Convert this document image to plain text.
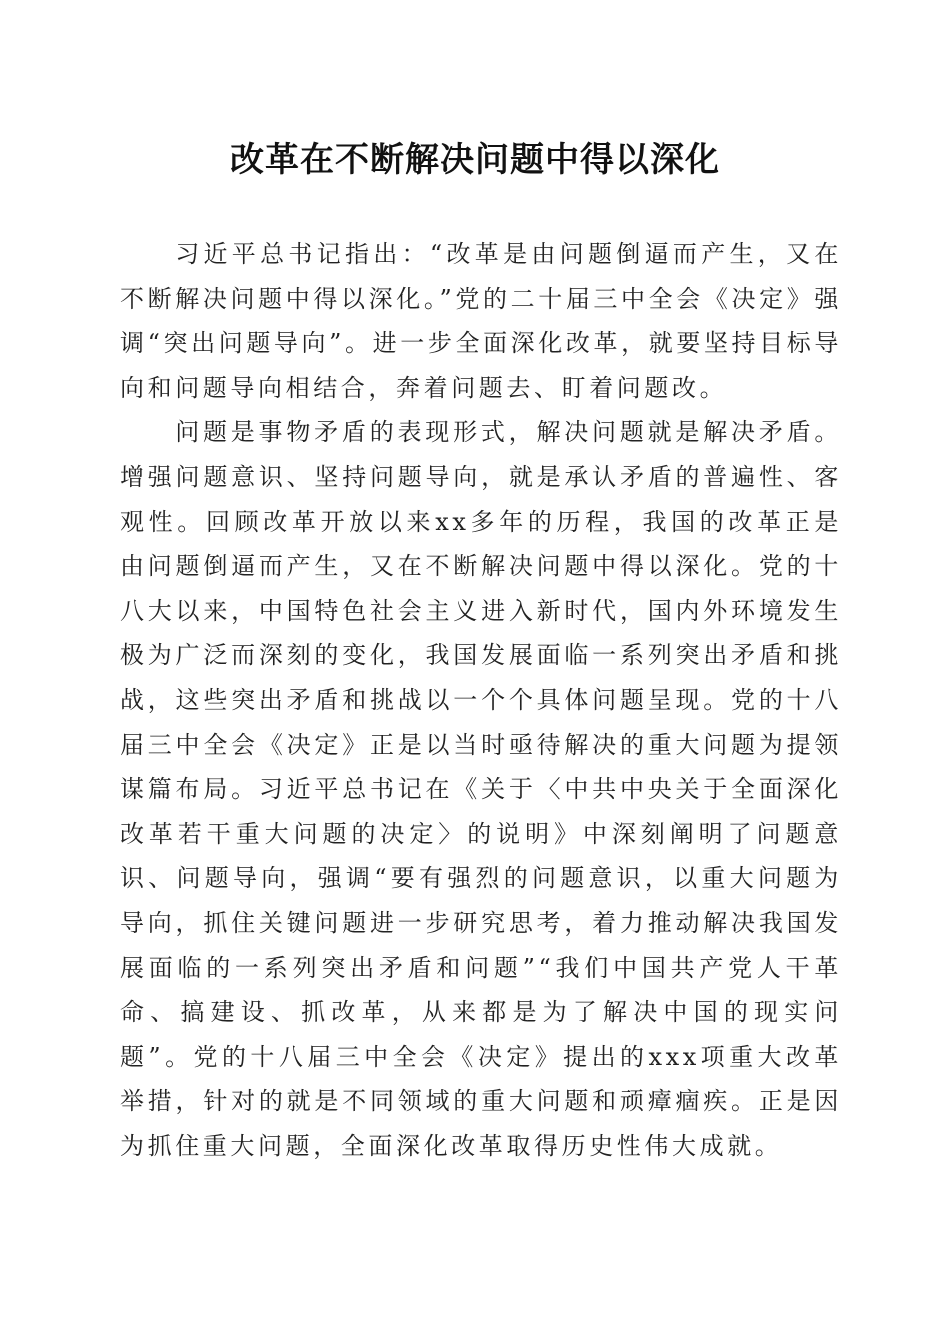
改革在不断解决问题中得以深化

习近平总书记指出：“改革是由问题倒逼而产生，又在不断解决问题中得以深化。”党的二十届三中全会《决定》强调“突出问题导向”。进一步全面深化改革，就要坚持目标导向和问题导向相结合，奔着问题去、盯着问题改。

问题是事物矛盾的表现形式，解决问题就是解决矛盾。增强问题意识、坚持问题导向，就是承认矛盾的普遍性、客观性。回顾改革开放以来xx多年的历程，我国的改革正是由问题倒逼而产生，又在不断解决问题中得以深化。党的十八大以来，中国特色社会主义进入新时代，国内外环境发生极为广泛而深刻的变化，我国发展面临一系列突出矛盾和挑战，这些突出矛盾和挑战以一个个具体问题呈现。党的十八届三中全会《决定》正是以当时亟待解决的重大问题为提领谋篇布局。习近平总书记在《关于〈中共中央关于全面深化改革若干重大问题的决定〉的说明》中深刻阐明了问题意识、问题导向，强调“要有强烈的问题意识，以重大问题为导向，抓住关键问题进一步研究思考，着力推动解决我国发展面临的一系列突出矛盾和问题”“我们中国共产党人干革命、搞建设、抓改革，从来都是为了解决中国的现实问题”。党的十八届三中全会《决定》提出的xxx项重大改革举措，针对的就是不同领域的重大问题和顽瘴痼疾。正是因为抓住重大问题，全面深化改革取得历史性伟大成就。
